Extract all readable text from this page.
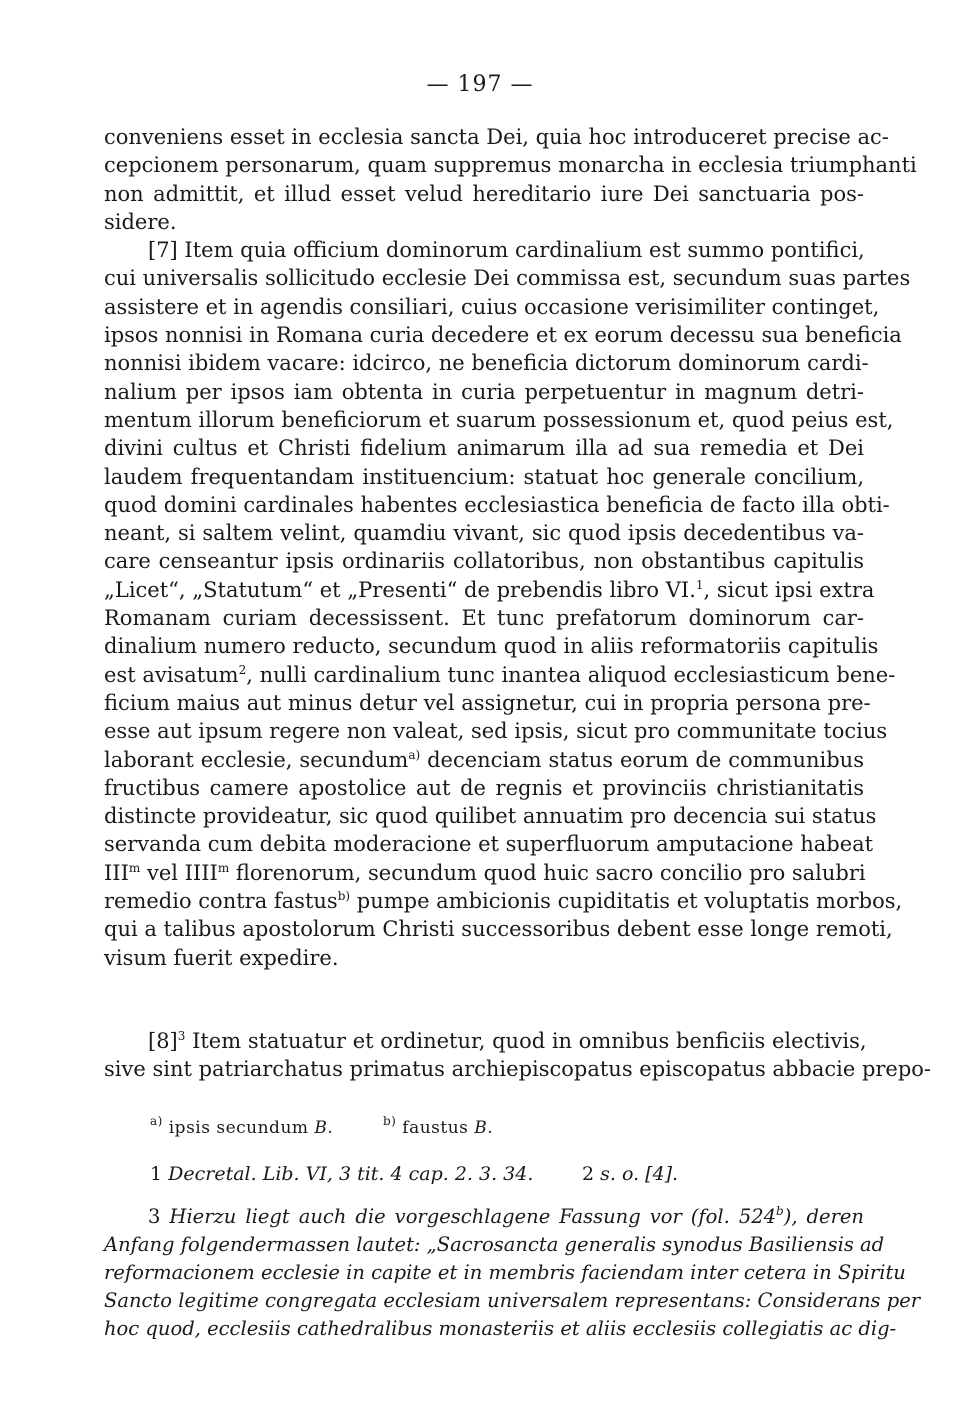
— 197 —
conveniens esset in ecclesia sancta Dei, quia hoc introduceret precise ac-
cepcionem personarum, quam suppremus monarcha in ecclesia triumphanti
non admittit, et illud esset velud hereditario iure Dei sanctuaria pos-
sidere.
[7] Item quia officium dominorum cardinalium est summo pontifici,
cui universalis sollicitudo ecclesie Dei commissa est, secundum suas partes
assistere et in agendis consiliari, cuius occasione verisimiliter continget,
ipsos nonnisi in Romana curia decedere et ex eorum decessu sua beneficia
nonnisi ibidem vacare: idcirco, ne beneficia dictorum dominorum cardi-
nalium per ipsos iam obtenta in curia perpetuentur in magnum detri-
mentum illorum beneficiorum et suarum possessionum et, quod peius est,
divini cultus et Christi fidelium animarum illa ad sua remedia et Dei
laudem frequentandam instituencium: statuat hoc generale concilium,
quod domini cardinales habentes ecclesiastica beneficia de facto illa obti-
neant, si saltem velint, quamdiu vivant, sic quod ipsis decedentibus va-
care censeantur ipsis ordinariis collatoribus, non obstantibus capitulis
„Licet“, „Statutum“ et „Presenti“ de prebendis libro VI.$^1$, sicut ipsi extra
Romanam curiam decessissent. Et tunc prefatorum dominorum car-
dinalium numero reducto, secundum quod in aliis reformatoriis capitulis
est avisatum$^2$, nulli cardinalium tunc inantea aliquod ecclesiasticum bene-
ficium maius aut minus detur vel assignetur, cui in propria persona pre-
esse aut ipsum regere non valeat, sed ipsis, sicut pro communitate tocius
laborant ecclesie, secundum$^{a)}$ decenciam status eorum de communibus
fructibus camere apostolice aut de regnis et provinciis christianitatis
distincte provideatur, sic quod quilibet annuatim pro decencia sui status
servanda cum debita moderacione et superfluorum amputacione habeat
III$^m$ vel IIII$^m$ florenorum, secundum quod huic sacro concilio pro salubri
remedio contra fastus$^{b)}$ pumpe ambicionis cupiditatis et voluptatis morbos,
qui a talibus apostolorum Christi successoribus debent esse longe remoti,
visum fuerit expedire.
$[8]^3$ Item statuatur et ordinetur, quod in omnibus benficiis electivis,
sive sint patriarchatus primatus archiepiscopatus episcopatus abbacie prepo-
$^{a)}$ ipsis secundum B.	$^{b)}$ faustus B.
1 Decretal. Lib. VI, 3 tit. 4 cap. 2. 3. 34.	2 s. o. [4].
3 Hierzu liegt auch die vorgeschlagene Fassung vor (fol. 524$^b$), deren
Anfang folgendermassen lautet: „Sacrosancta generalis synodus Basiliensis ad
reformacionem ecclesie in capite et in membris faciendam inter cetera in Spiritu
Sancto legitime congregata ecclesiam universalem representans: Considerans per
hoc quod, ecclesiis cathedralibus monasteriis et aliis ecclesiis collegiatis ac dig-
